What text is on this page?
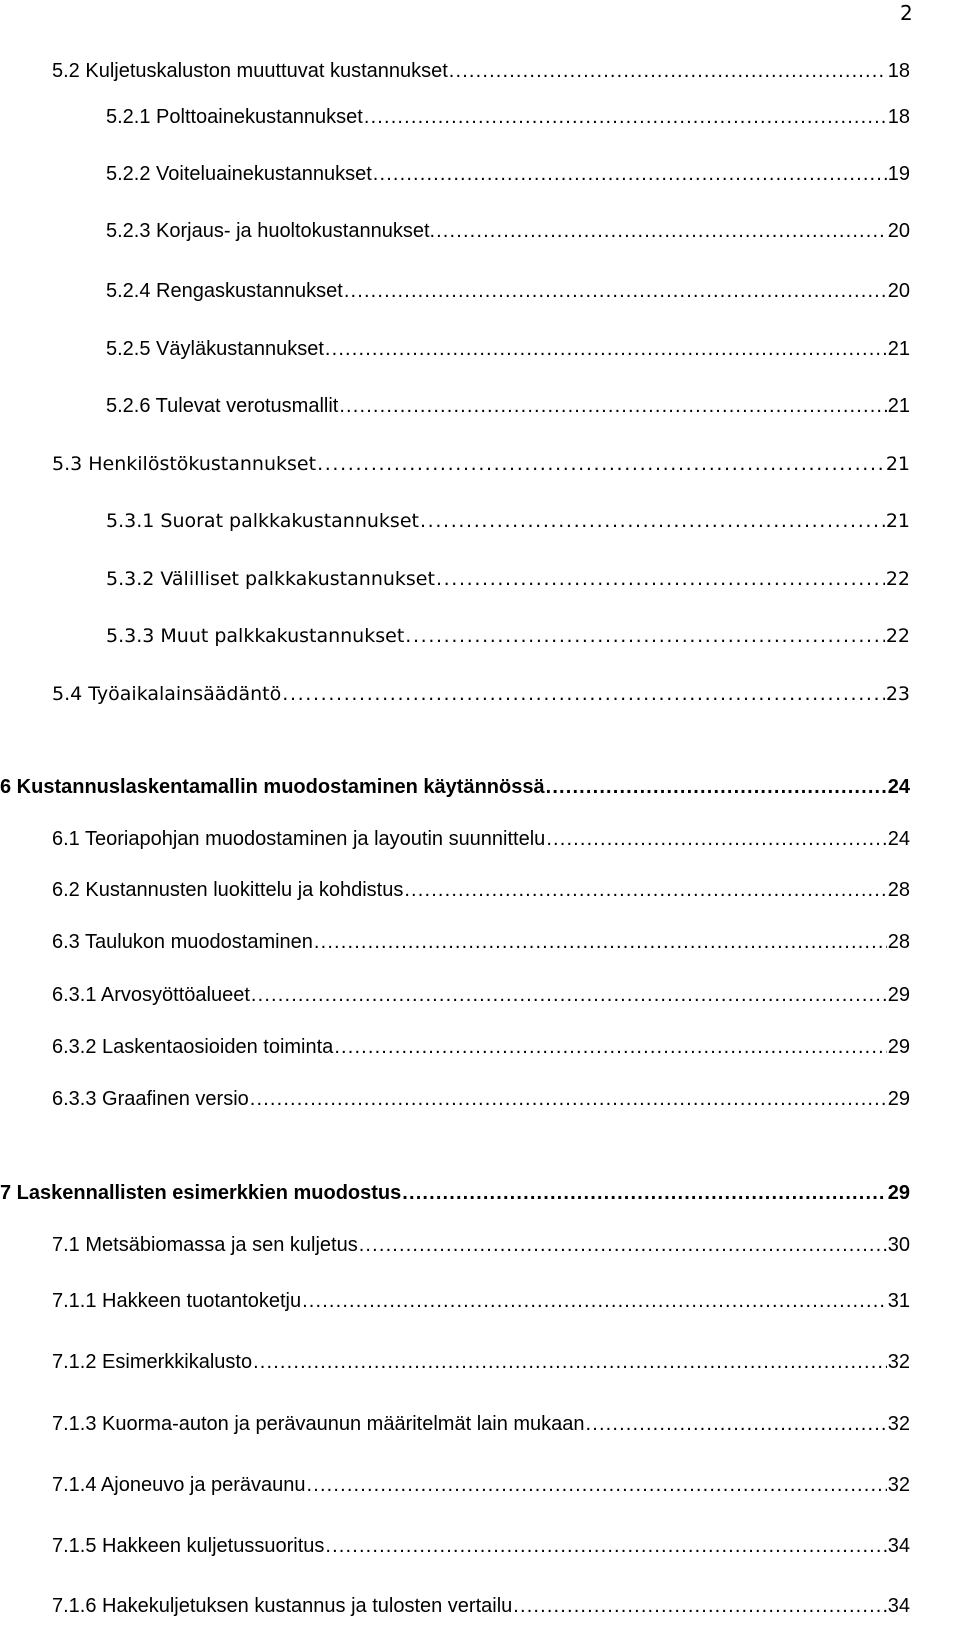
2
5.2 Kuljetuskaluston muuttuvat kustannukset . . .	18
5.2.1 Polttoainekustannukset . . .	18
5.2.2 Voiteluainekustannukset . . .	19
5.2.3 Korjaus- ja huoltokustannukset. . . .	20
5.2.4 Rengaskustannukset . . .	20
5.2.5 Väyläkustannukset . . .	21
5.2.6 Tulevat verotusmallit . . .	21
5.3 Henkilöstökustannukset . . .	21
5.3.1 Suorat palkkakustannukset . . .	21
5.3.2 Välilliset palkkakustannukset . . .	22
5.3.3 Muut palkkakustannukset . . .	22
5.4 Työaikalainsäädäntö . . .	23
6 Kustannuslaskentamallin muodostaminen käytännössä . . .	24
6.1 Teoriapohjan muodostaminen ja layoutin suunnittelu . . .	24
6.2 Kustannusten luokittelu ja kohdistus . . .	28
6.3 Taulukon muodostaminen . . .	28
6.3.1 Arvosyöttöalueet . . .	29
6.3.2 Laskentaosioiden toiminta . . .	29
6.3.3 Graafinen versio . . .	29
7 Laskennallisten esimerkkien muodostus . . .	29
7.1 Metsäbiomassa ja sen kuljetus . . .	30
7.1.1 Hakkeen tuotantoketju . . .	31
7.1.2 Esimerkkikalusto . . .	32
7.1.3 Kuorma-auton ja perävaunun määritelmät lain mukaan . . .	32
7.1.4 Ajoneuvo ja perävaunu . . .	32
7.1.5 Hakkeen kuljetussuoritus . . .	34
7.1.6 Hakekuljetuksen kustannus ja tulosten vertailu . . .	34
